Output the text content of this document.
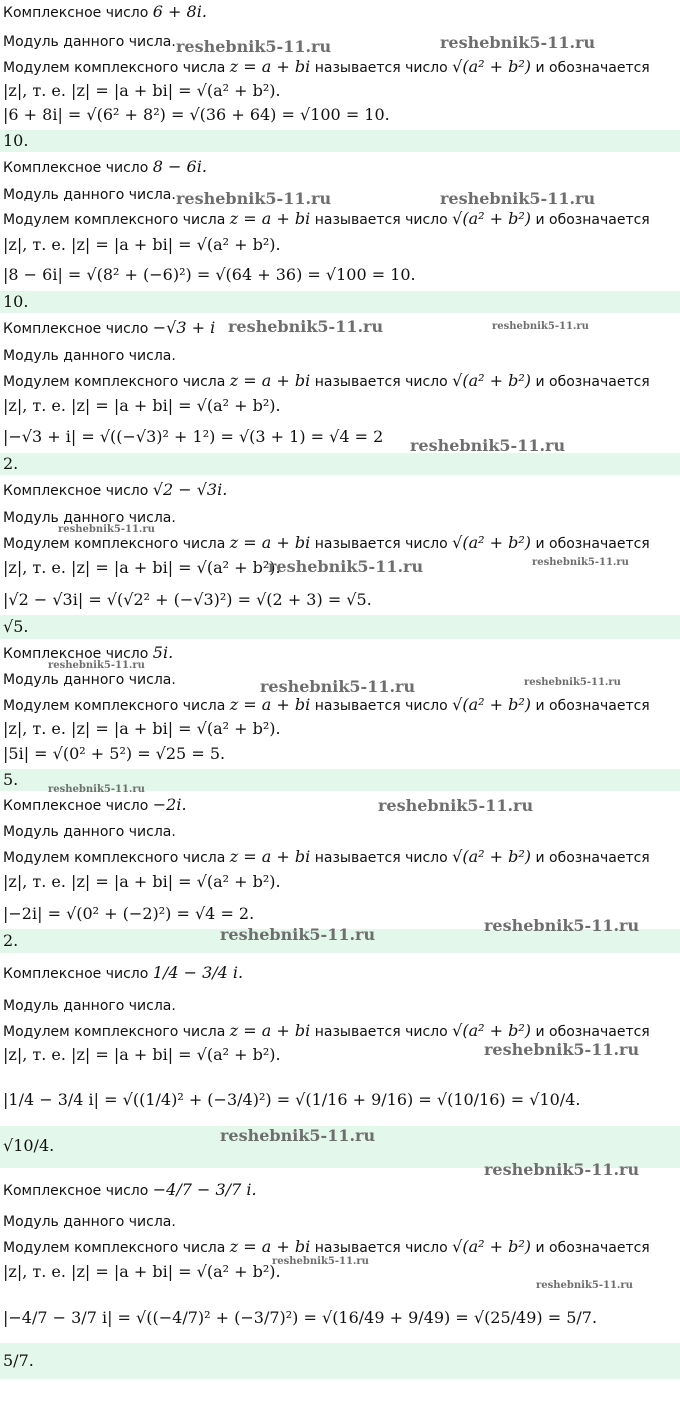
Комплексное число 6 + 8i.
Модуль данного числа.
Модулем комплексного числа z = a + bi называется число √(a² + b²) и обозначается
|z|, т. е. |z| = |a + bi| = √(a² + b²).
|6 + 8i| = √(6² + 8²) = √(36 + 64) = √100 = 10.
10.
Комплексное число 8 − 6i.
Модуль данного числа.
Модулем комплексного числа z = a + bi называется число √(a² + b²) и обозначается
|z|, т. е. |z| = |a + bi| = √(a² + b²).
|8 − 6i| = √(8² + (−6)²) = √(64 + 36) = √100 = 10.
10.
Комплексное число −√3 + i
Модуль данного числа.
Модулем комплексного числа z = a + bi называется число √(a² + b²) и обозначается
|z|, т. е. |z| = |a + bi| = √(a² + b²).
|−√3 + i| = √((−√3)² + 1²) = √(3 + 1) = √4 = 2
2.
Комплексное число √2 − √3i.
Модуль данного числа.
Модулем комплексного числа z = a + bi называется число √(a² + b²) и обозначается
|z|, т. е. |z| = |a + bi| = √(a² + b²).
|√2 − √3i| = √(√2² + (−√3)²) = √(2 + 3) = √5.
√5.
Комплексное число 5i.
Модуль данного числа.
Модулем комплексного числа z = a + bi называется число √(a² + b²) и обозначается
|z|, т. е. |z| = |a + bi| = √(a² + b²).
|5i| = √(0² + 5²) = √25 = 5.
5.
Комплексное число −2i.
Модуль данного числа.
Модулем комплексного числа z = a + bi называется число √(a² + b²) и обозначается
|z|, т. е. |z| = |a + bi| = √(a² + b²).
|−2i| = √(0² + (−2)²) = √4 = 2.
2.
Комплексное число 1/4 − 3/4 i.
Модуль данного числа.
Модулем комплексного числа z = a + bi называется число √(a² + b²) и обозначается
|z|, т. е. |z| = |a + bi| = √(a² + b²).
|1/4 − 3/4 i| = √((1/4)² + (−3/4)²) = √(1/16 + 9/16) = √(10/16) = √10/4.
√10/4.
Комплексное число −4/7 − 3/7 i.
Модуль данного числа.
Модулем комплексного числа z = a + bi называется число √(a² + b²) и обозначается
|z|, т. е. |z| = |a + bi| = √(a² + b²).
|−4/7 − 3/7 i| = √((−4/7)² + (−3/7)²) = √(16/49 + 9/49) = √(25/49) = 5/7.
5/7.
reshebnik5-11.ru	reshebnik5-11.ru
reshebnik5-11.ru	reshebnik5-11.ru
reshebnik5-11.ru	reshebnik5-11.ru
reshebnik5-11.ru
reshebnik5-11.ru
reshebnik5-11.ru	reshebnik5-11.ru
reshebnik5-11.ru
reshebnik5-11.ru	reshebnik5-11.ru
reshebnik5-11.ru
reshebnik5-11.ru
reshebnik5-11.ru
reshebnik5-11.ru
reshebnik5-11.ru
reshebnik5-11.ru
reshebnik5-11.ru
reshebnik5-11.ru
reshebnik5-11.ru
